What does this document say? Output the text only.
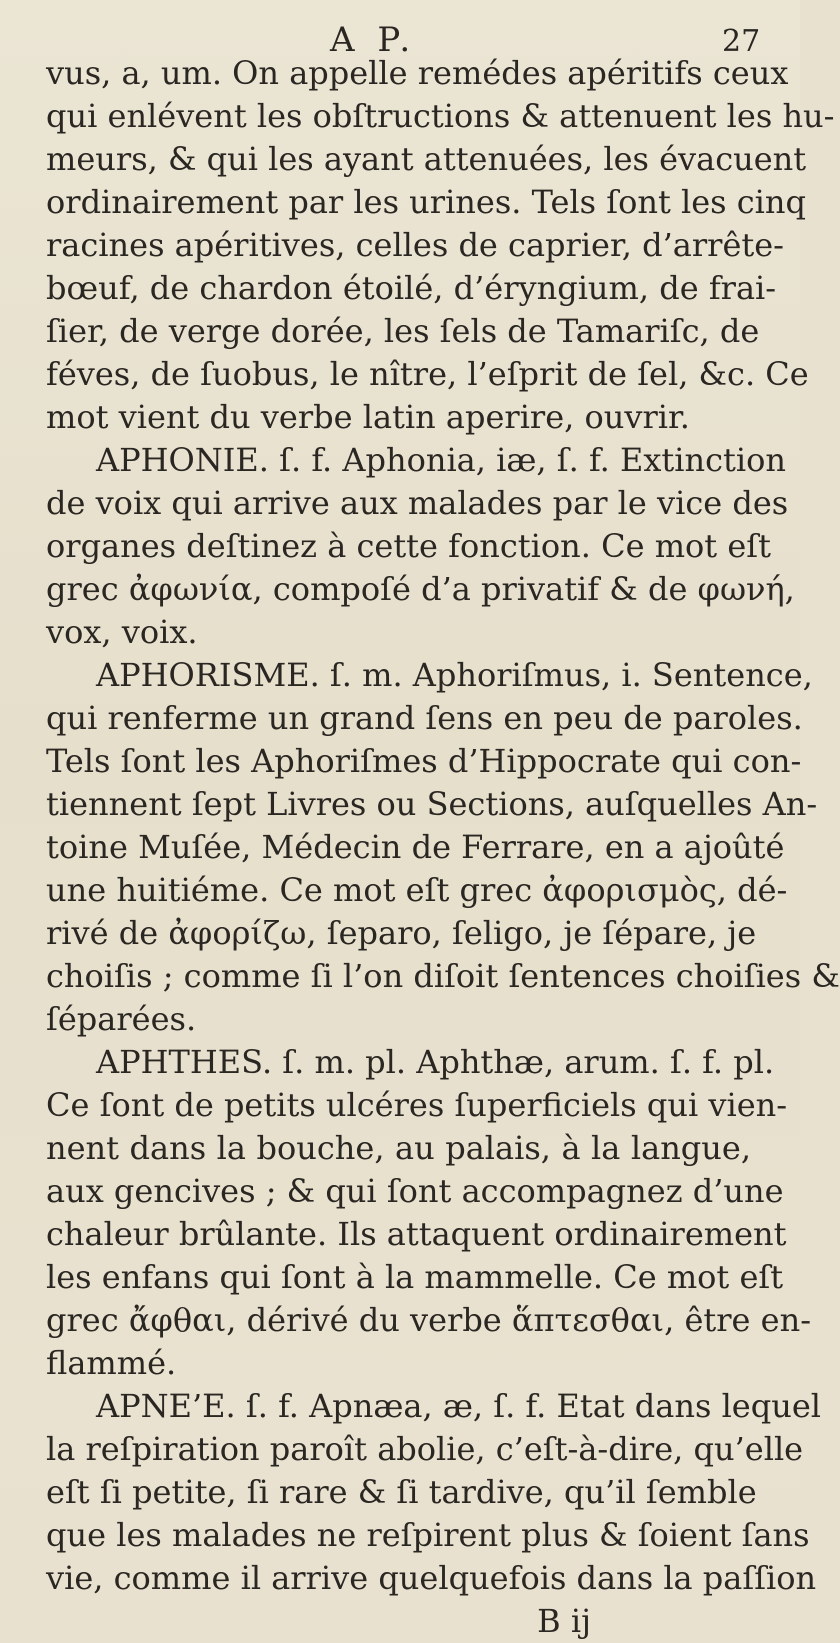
A P.	27
vus, a, um. On appelle reméd​es apéritifs ceux
qui enlévent les obſtructions & attenuent les hu-
meurs, & qui les ayant attenuées, les évacuent
ordinairement par les urines. Tels ſont les cinq
racines apéritives, celles de caprier, d’arrête-
bœuf, de chardon étoilé, d’éryngium, de frai-
ſier, de verge dorée, les ſels de Tamariſc, de
féves, de ſuobus, le nître, l’eſprit de ſel, &c. Ce
mot vient du verbe latin aperire, ouvrir.
APHONIE. ſ. f. Aphonia, iæ, ſ. f. Extinction
de voix qui arrive aux malades par le vice des
organes deſtinez à cette fonction. Ce mot eſt
grec ἀφωνία, compoſé d’a privatif & de φωνή,
vox, voix.
APHORISME. ſ. m. Aphoriſmus, i. Sentence,
qui renferme un grand ſens en peu de paroles.
Tels ſont les Aphoriſmes d’Hippocrate qui con-
tiennent ſept Livres ou Sections, auſquelles An-
toine Muſée, Médecin de Ferrare, en a ajoûté
une huitiéme. Ce mot eſt grec ἀφορισμὸς, dé-
rivé de ἀφορίζω, ſeparo, ſeligo, je ſépare, je
choiſis ; comme ſi l’on diſoit ſentences choiſies &
ſéparées.
APHTHES. ſ. m. pl. Aphthæ, arum. ſ. f. pl.
Ce ſont de petits ulcéres ſuperficiels qui vien-
nent dans la bouche, au palais, à la langue,
aux gencives ; & qui ſont accompagnez d’une
chaleur brûlante. Ils attaquent ordinairement
les enfans qui ſont à la mammelle. Ce mot eſt
grec ἄφθαι, dérivé du verbe ἅπτεσθαι, être en-
flammé.
APNE’E. ſ. f. Apnæa, æ, ſ. f. Etat dans lequel
la reſpiration paroît abolie, c’eſt-à-dire, qu’elle
eſt ſi petite, ſi rare & ſi tardive, qu’il ſemble
que les malades ne reſpirent plus & ſoient ſans
vie, comme il arrive quelquefois dans la paſſion
B ij
